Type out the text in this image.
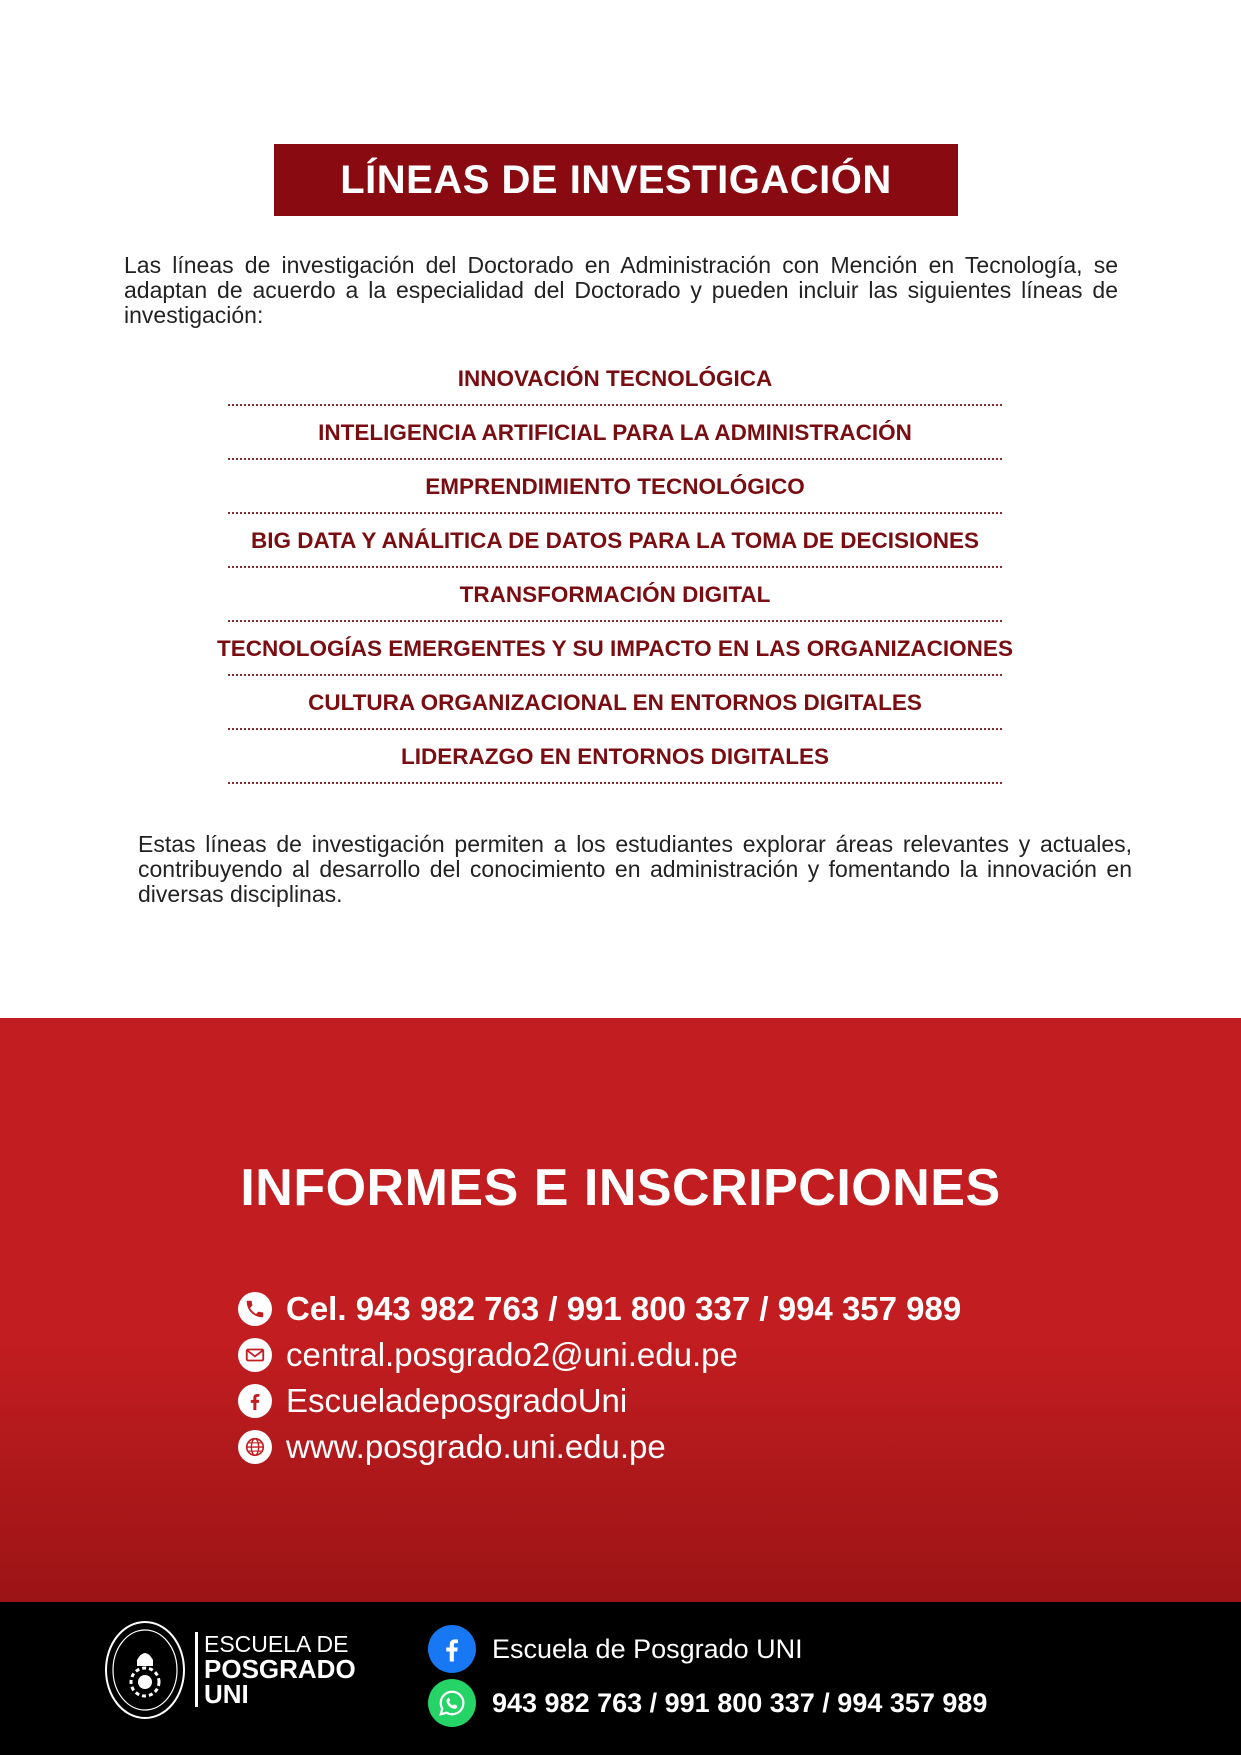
LÍNEAS DE INVESTIGACIÓN
Las líneas de investigación del Doctorado en Administración con Mención en Tecnología, se adaptan de acuerdo a la especialidad del Doctorado y pueden incluir las siguientes líneas de investigación:
INNOVACIÓN TECNOLÓGICA
INTELIGENCIA ARTIFICIAL PARA LA ADMINISTRACIÓN
EMPRENDIMIENTO TECNOLÓGICO
BIG DATA Y ANÁLITICA DE DATOS PARA LA TOMA DE DECISIONES
TRANSFORMACIÓN DIGITAL
TECNOLOGÍAS EMERGENTES Y SU IMPACTO EN LAS ORGANIZACIONES
CULTURA ORGANIZACIONAL EN ENTORNOS DIGITALES
LIDERAZGO EN ENTORNOS DIGITALES
Estas líneas de investigación permiten a los estudiantes explorar áreas relevantes y actuales, contribuyendo al desarrollo del conocimiento en administración y fomentando la innovación en diversas disciplinas.
INFORMES E INSCRIPCIONES
Cel. 943 982 763 / 991 800 337 / 994 357 989
central.posgrado2@uni.edu.pe
EscueladeposgradoUni
www.posgrado.uni.edu.pe
ESCUELA DE
POSGRADO
UNI
Escuela de Posgrado UNI
943 982 763 / 991 800 337 / 994 357 989
